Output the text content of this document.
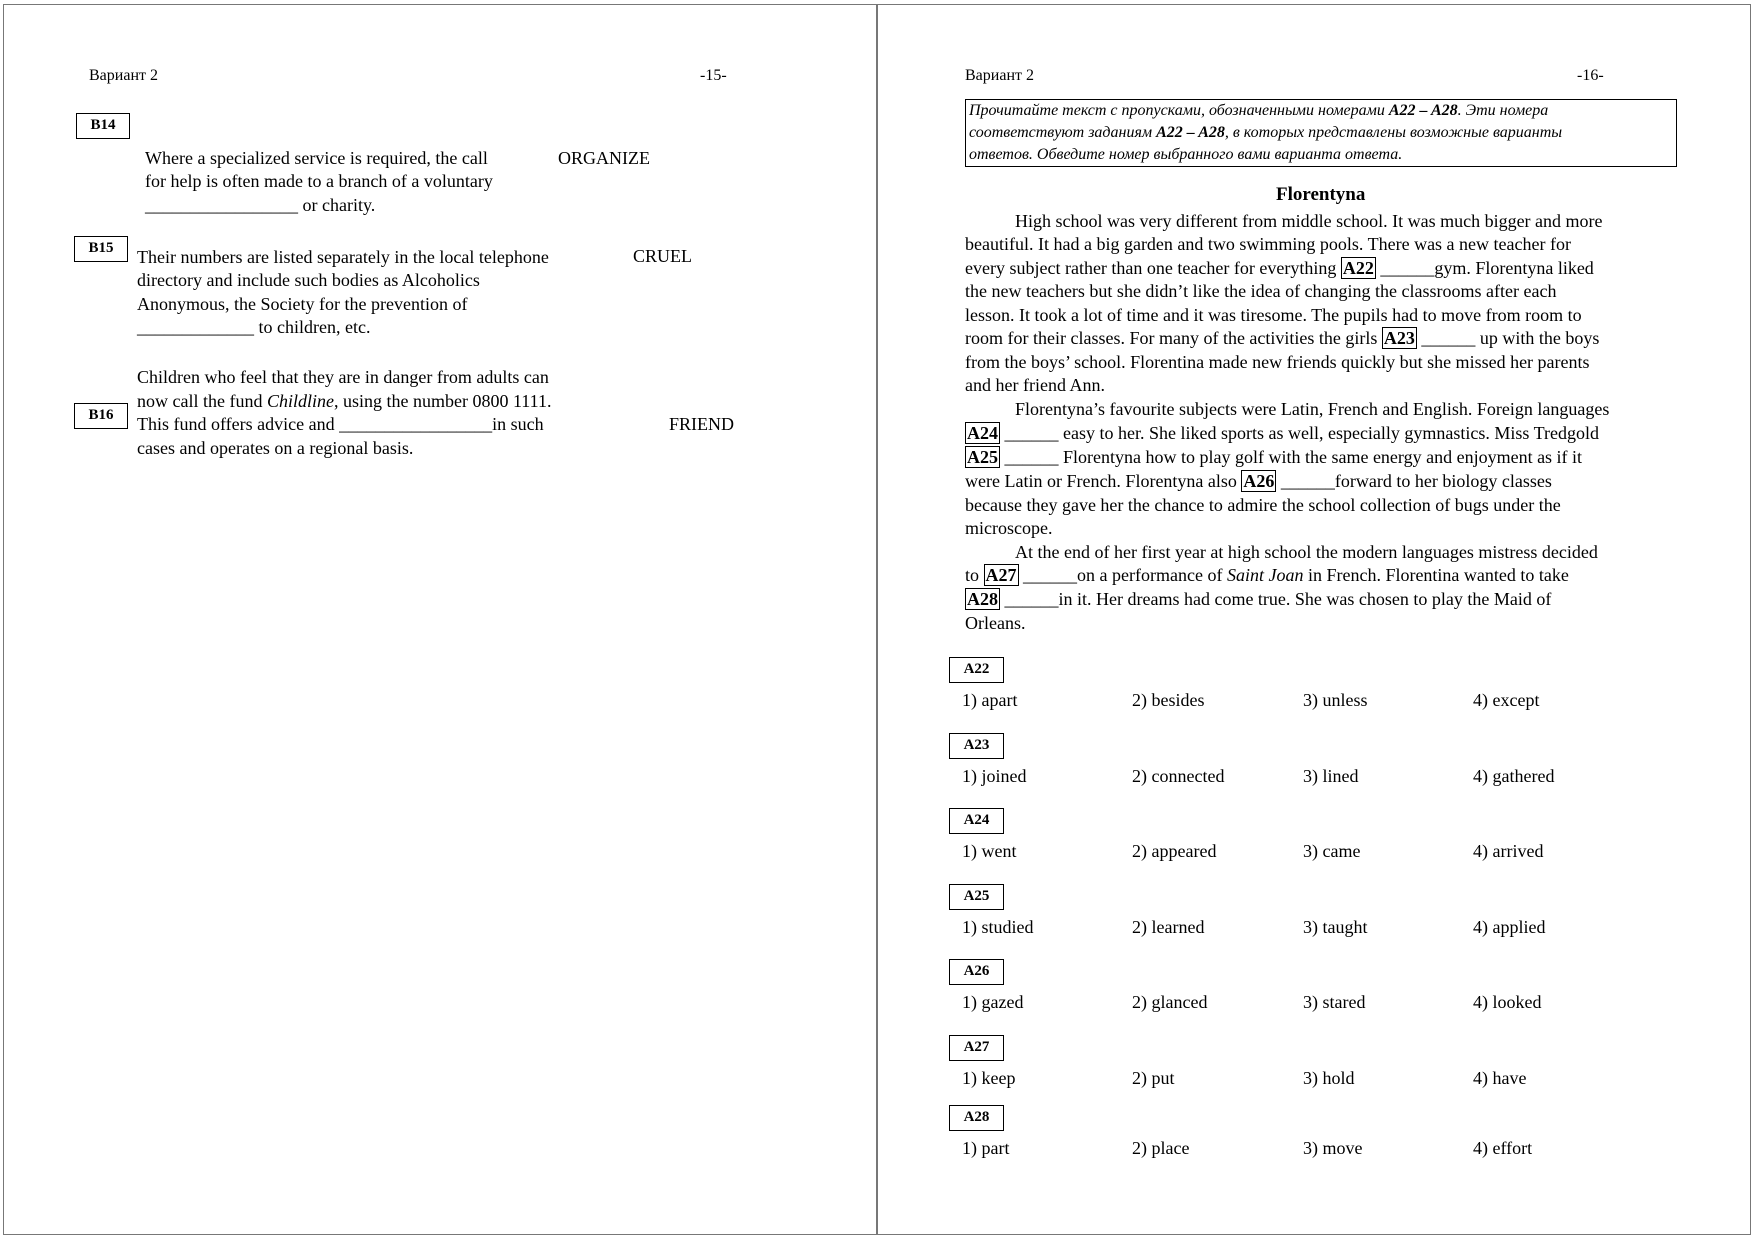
Вариант 2	-15-
B14
Where a specialized service is required, the call
for help is often made to a branch of a voluntary
_________________ or charity.
ORGANIZE
B15	Their numbers are listed separately in the local telephone
directory and include such bodies as Alcoholics
Anonymous, the Society for the prevention of
_____________ to children, etc.
CRUEL
Children who feel that they are in danger from adults can
now call the fund Childline, using the number 0800 1111.
B16	This fund offers advice and _________________in such
cases and operates on a regional basis.
FRIEND
Вариант 2	-16-
Прочитайте текст с пропусками, обозначенными номерами A22 – A28. Эти номера
соответствуют заданиям A22 – A28, в которых представлены возможные варианты
ответов. Обведите номер выбранного вами варианта ответа.
Florentyna
High school was very different from middle school. It was much bigger and more
beautiful. It had a big garden and two swimming pools. There was a new teacher for
every subject rather than one teacher for everything A22 ______gym. Florentyna liked
the new teachers but she didn’t like the idea of changing the classrooms after each
lesson. It took a lot of time and it was tiresome. The pupils had to move from room to
room for their classes. For many of the activities the girls A23 ______ up with the boys
from the boys’ school. Florentina made new friends quickly but she missed her parents
and her friend Ann.
Florentyna’s favourite subjects were Latin, French and English. Foreign languages
A24 ______ easy to her. She liked sports as well, especially gymnastics. Miss Tredgold
A25 ______ Florentyna how to play golf with the same energy and enjoyment as if it
were Latin or French. Florentyna also A26 ______forward to her biology classes
because they gave her the chance to admire the school collection of bugs under the
microscope.
At the end of her first year at high school the modern languages mistress decided
to A27 ______on a performance of Saint Joan in French. Florentina wanted to take
A28 ______in it. Her dreams had come true. She was chosen to play the Maid of
Orleans.
A22
1) apart	2) besides	3) unless	4) except
A23
1) joined	2) connected	3) lined	4) gathered
A24
1) went	2) appeared	3) came	4) arrived
A25
1) studied	2) learned	3) taught	4) applied
A26
1) gazed	2) glanced	3) stared	4) looked
A27
1) keep	2) put	3) hold	4) have
A28
1) part	2) place	3) move	4) effort
